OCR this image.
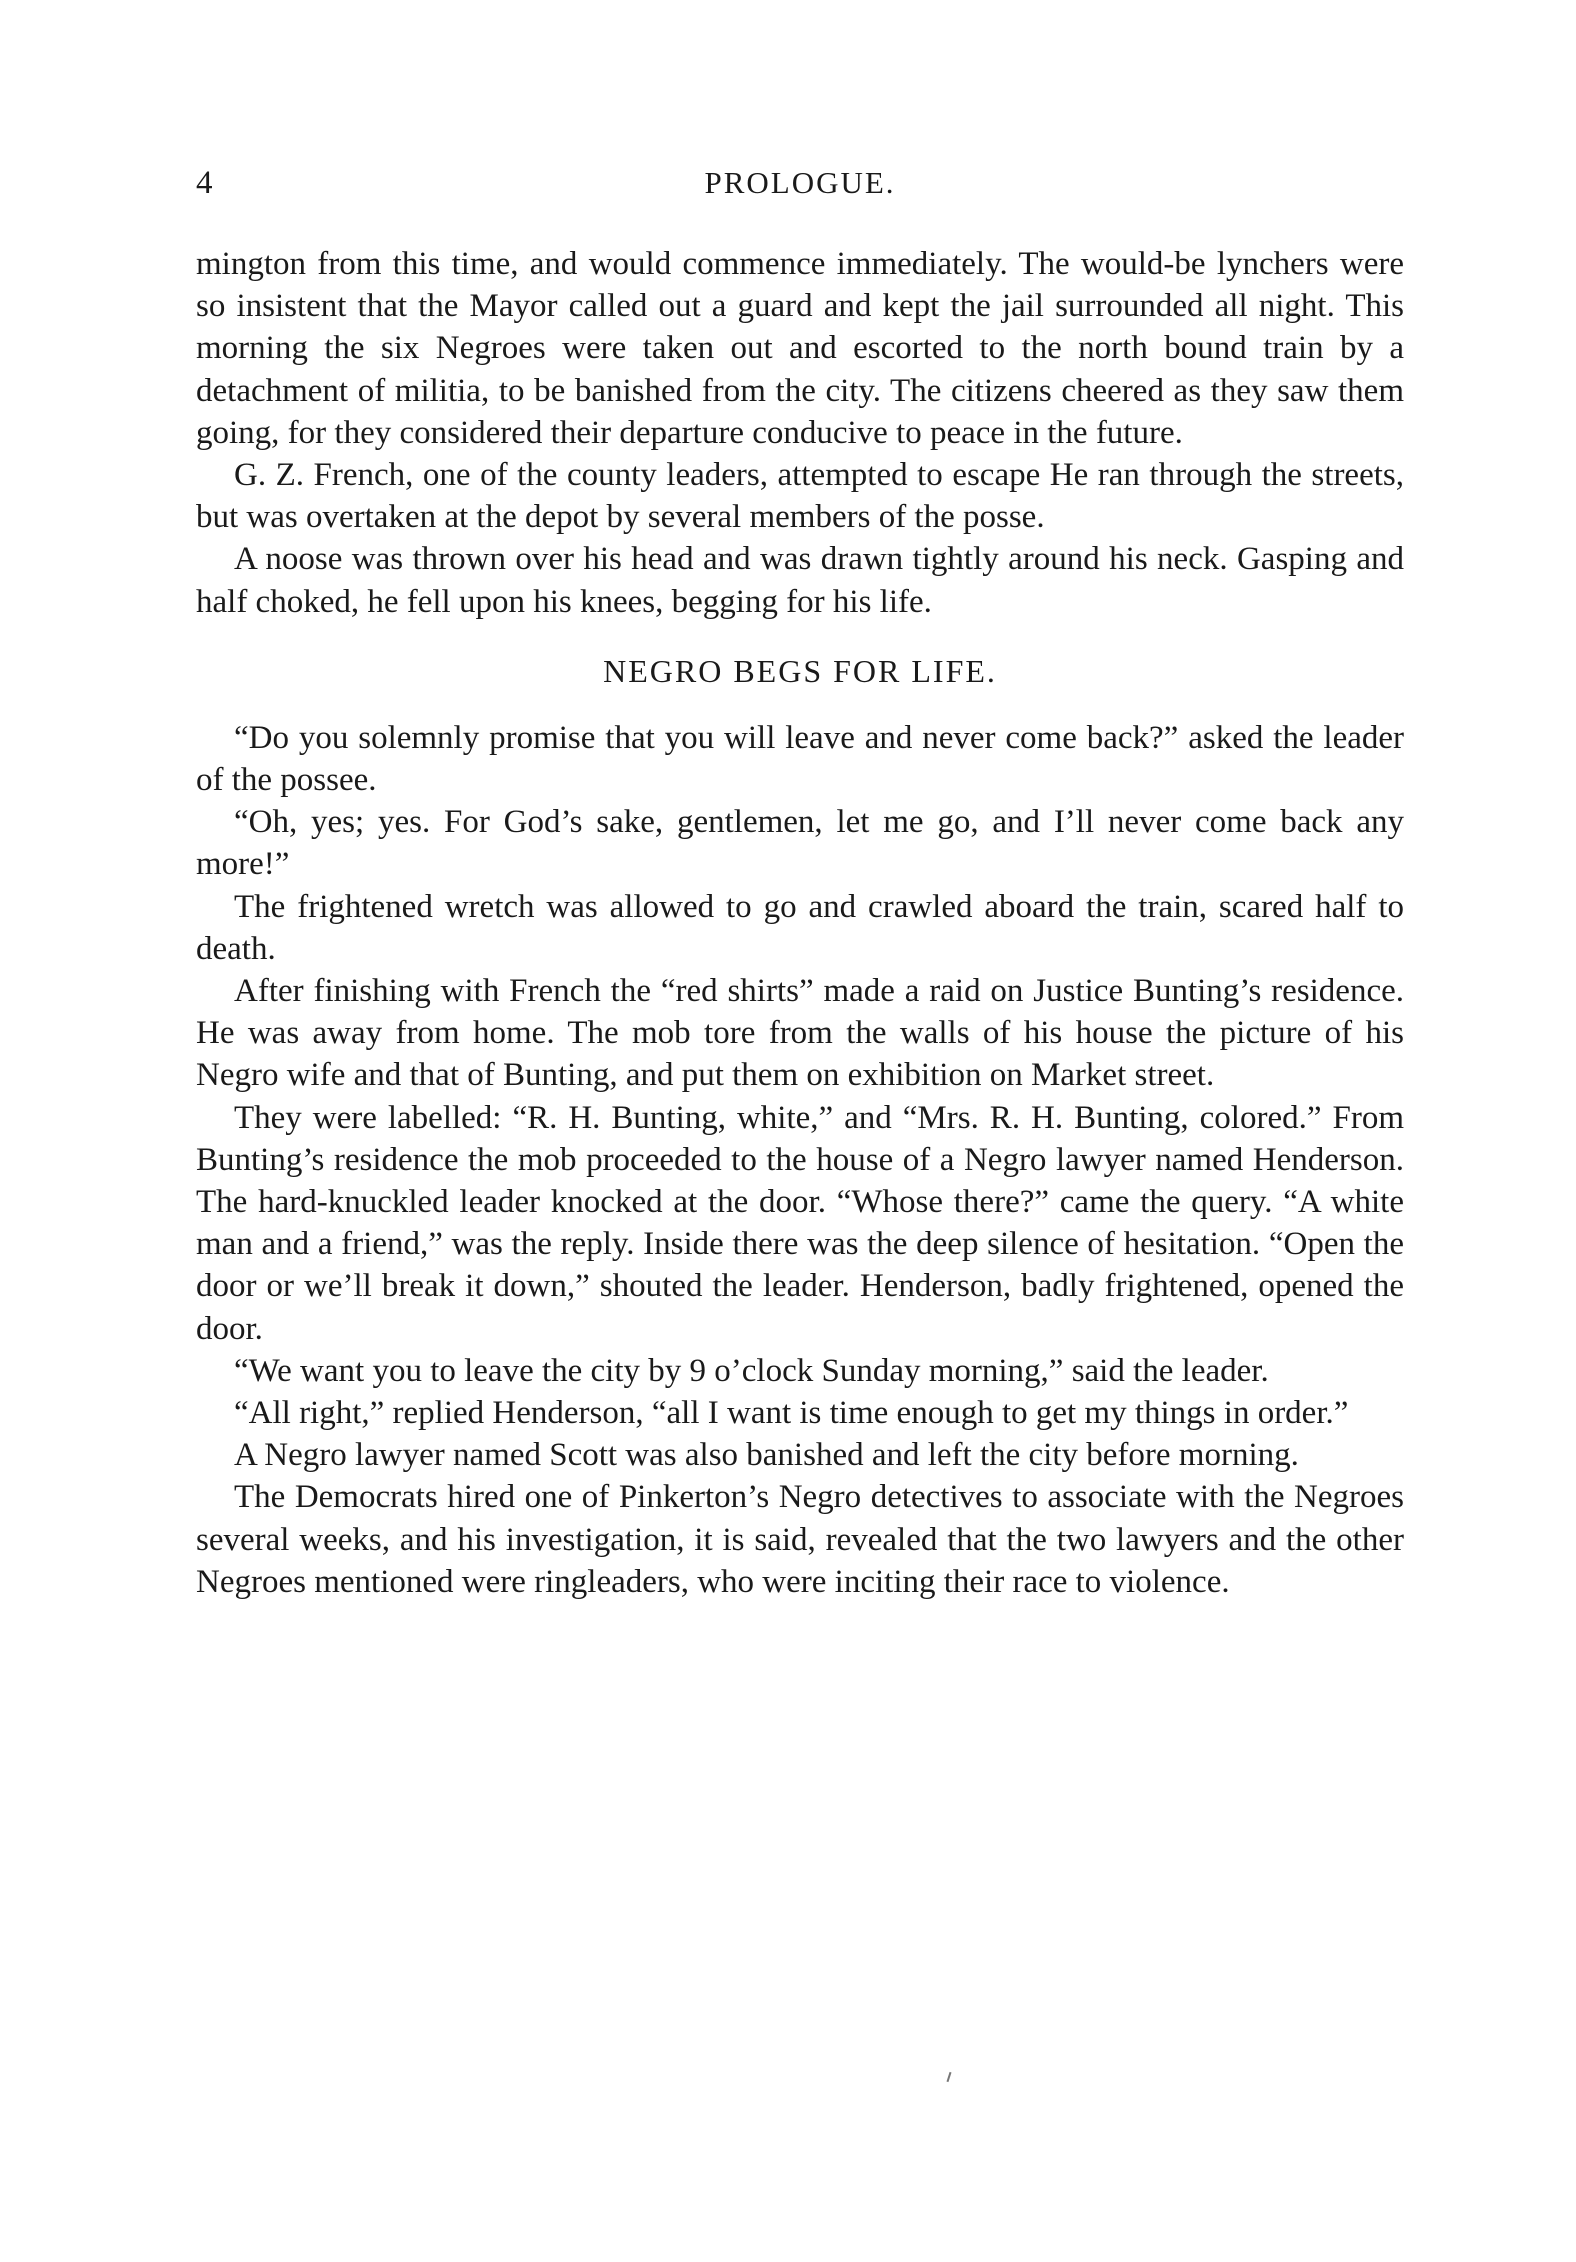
4	PROLOGUE.

mington from this time, and would commence immediately. The would-be lynchers were so insistent that the Mayor called out a guard and kept the jail surrounded all night. This morning the six Negroes were taken out and escorted to the north bound train by a detachment of militia, to be banished from the city. The citizens cheered as they saw them going, for they considered their departure conducive to peace in the future.

G. Z. French, one of the county leaders, attempted to escape He ran through the streets, but was overtaken at the depot by several members of the posse.

A noose was thrown over his head and was drawn tightly around his neck. Gasping and half choked, he fell upon his knees, begging for his life.

NEGRO BEGS FOR LIFE.

“Do you solemnly promise that you will leave and never come back?” asked the leader of the possee.

“Oh, yes; yes. For God’s sake, gentlemen, let me go, and I’ll never come back any more!”

The frightened wretch was allowed to go and crawled aboard the train, scared half to death.

After finishing with French the “red shirts” made a raid on Justice Bunting’s residence. He was away from home. The mob tore from the walls of his house the picture of his Negro wife and that of Bunting, and put them on exhibition on Market street.

They were labelled: “R. H. Bunting, white,” and “Mrs. R. H. Bunting, colored.” From Bunting’s residence the mob proceeded to the house of a Negro lawyer named Henderson. The hard-knuckled leader knocked at the door. “Whose there?” came the query. “A white man and a friend,” was the reply. Inside there was the deep silence of hesitation. “Open the door or we’ll break it down,” shouted the leader. Henderson, badly frightened, opened the door.

“We want you to leave the city by 9 o’clock Sunday morning,” said the leader.

“All right,” replied Henderson, “all I want is time enough to get my things in order.”

A Negro lawyer named Scott was also banished and left the city before morning.

The Democrats hired one of Pinkerton’s Negro detectives to associate with the Negroes several weeks, and his investigation, it is said, revealed that the two lawyers and the other Negroes mentioned were ringleaders, who were inciting their race to violence.
